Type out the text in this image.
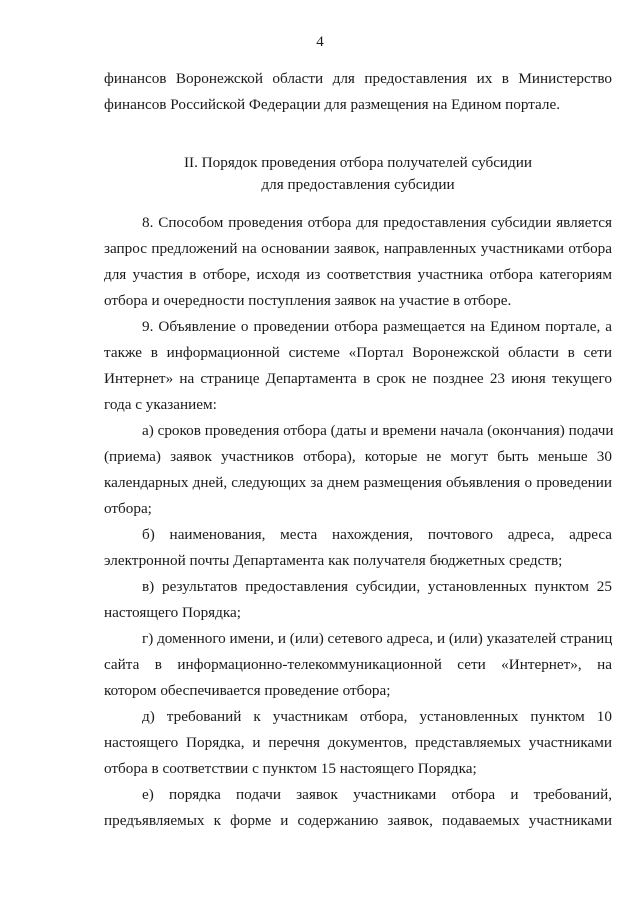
4
финансов Воронежской области для предоставления их в Министерство
финансов Российской Федерации для размещения на Едином портале.
II. Порядок проведения отбора получателей субсидии
для предоставления субсидии
8. Способом проведения отбора для предоставления субсидии является
запрос предложений на основании заявок, направленных участниками отбора
для участия в отборе, исходя из соответствия участника отбора категориям
отбора и очередности поступления заявок на участие в отборе.
9. Объявление о проведении отбора размещается на Едином портале, а
также в информационной системе «Портал Воронежской области в сети
Интернет» на странице Департамента в срок не позднее 23 июня текущего
года с указанием:
а) сроков проведения отбора (даты и времени начала (окончания) подачи
(приема) заявок участников отбора), которые не могут быть меньше 30
календарных дней, следующих за днем размещения объявления о проведении
отбора;
б) наименования, места нахождения, почтового адреса, адреса
электронной почты Департамента как получателя бюджетных средств;
в) результатов предоставления субсидии, установленных пунктом 25
настоящего Порядка;
г) доменного имени, и (или) сетевого адреса, и (или) указателей страниц
сайта в информационно-телекоммуникационной сети «Интернет», на
котором обеспечивается проведение отбора;
д) требований к участникам отбора, установленных пунктом 10
настоящего Порядка, и перечня документов, представляемых участниками
отбора в соответствии с пунктом 15 настоящего Порядка;
е) порядка подачи заявок участниками отбора и требований,
предъявляемых к форме и содержанию заявок, подаваемых участниками
